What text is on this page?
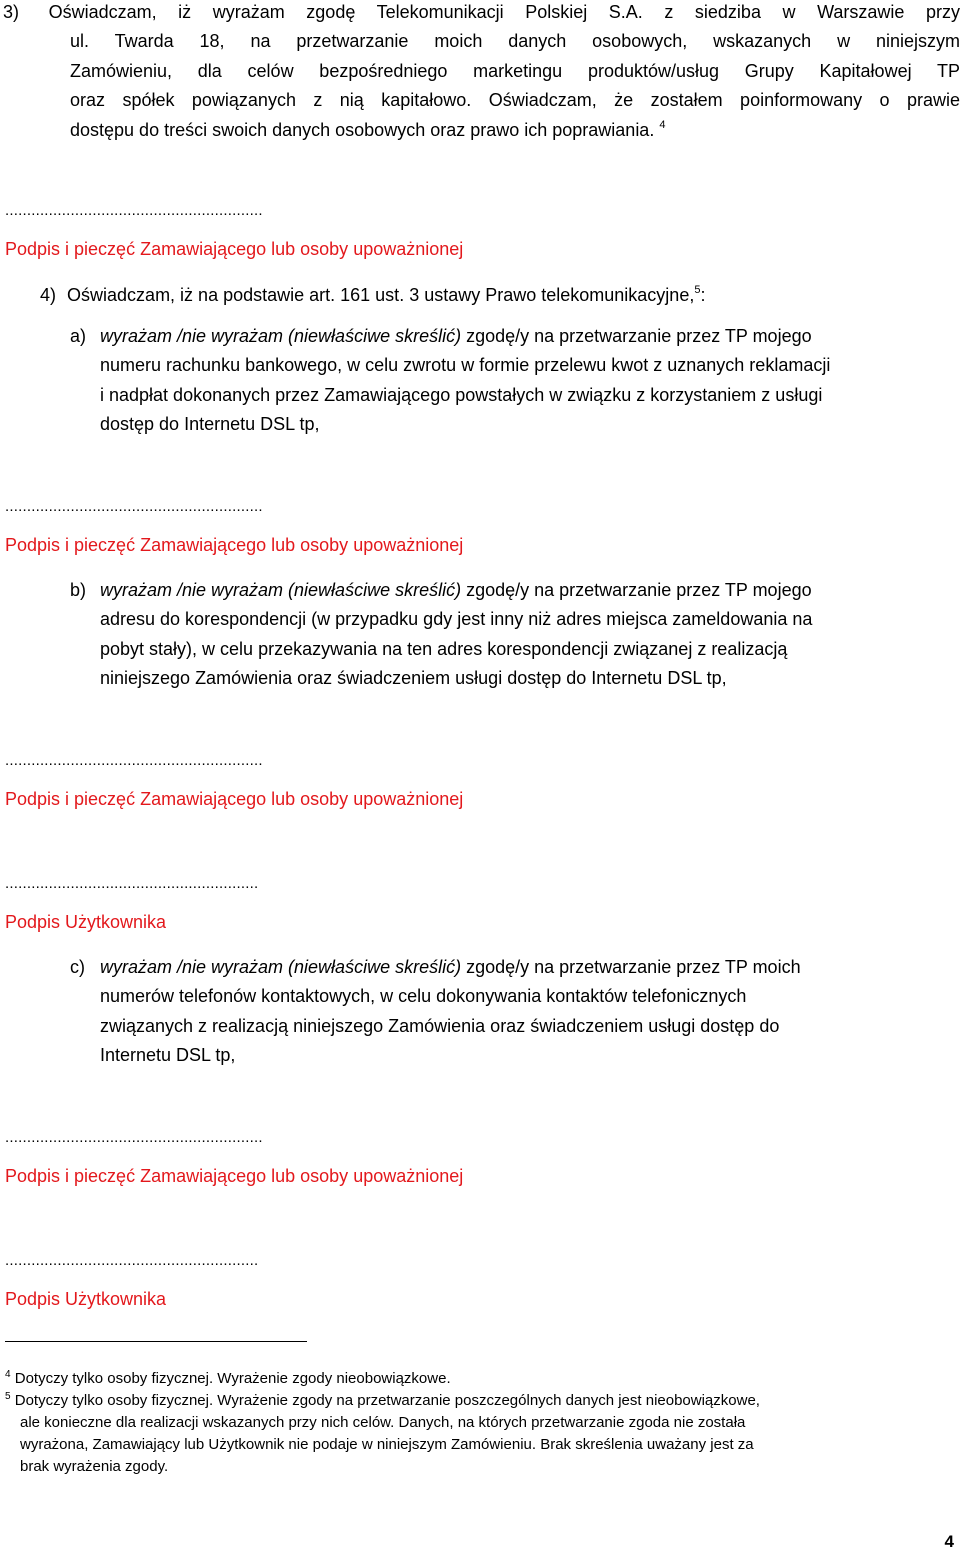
3) Oświadczam, iż wyrażam zgodę Telekomunikacji Polskiej S.A. z siedziba w Warszawie przy
ul. Twarda 18, na przetwarzanie moich danych osobowych, wskazanych w niniejszym
Zamówieniu, dla celów bezpośredniego marketingu produktów/usług Grupy Kapitałowej TP
oraz spółek powiązanych z nią kapitałowo. Oświadczam, że zostałem poinformowany o prawie
dostępu do treści swoich danych osobowych oraz prawo ich poprawiania. $^4$
...........................................................
Podpis i pieczęć Zamawiającego lub osoby upoważnionej
4) Oświadczam, iż na podstawie art. 161 ust. 3 ustawy Prawo telekomunikacyjne,$^5$:
a) wyrażam /nie wyrażam (niewłaściwe skreślić) zgodę/y na przetwarzanie przez TP mojego
numeru rachunku bankowego, w celu zwrotu w formie przelewu kwot z uznanych reklamacji
i nadpłat dokonanych przez Zamawiającego powstałych w związku z korzystaniem z usługi
dostęp do Internetu DSL tp,
...........................................................
Podpis i pieczęć Zamawiającego lub osoby upoważnionej
b) wyrażam /nie wyrażam (niewłaściwe skreślić) zgodę/y na przetwarzanie przez TP mojego
adresu do korespondencji (w przypadku gdy jest inny niż adres miejsca zameldowania na
pobyt stały), w celu przekazywania na ten adres korespondencji związanej z realizacją
niniejszego Zamówienia oraz świadczeniem usługi dostęp do Internetu DSL tp,
...........................................................
Podpis i pieczęć Zamawiającego lub osoby upoważnionej
..........................................................
Podpis Użytkownika
c) wyrażam /nie wyrażam (niewłaściwe skreślić) zgodę/y na przetwarzanie przez TP moich
numerów telefonów kontaktowych, w celu dokonywania kontaktów telefonicznych
związanych z realizacją niniejszego Zamówienia oraz świadczeniem usługi dostęp do
Internetu DSL tp,
...........................................................
Podpis i pieczęć Zamawiającego lub osoby upoważnionej
..........................................................
Podpis Użytkownika
$^4$ Dotyczy tylko osoby fizycznej. Wyrażenie zgody nieobowiązkowe.
$^5$ Dotyczy tylko osoby fizycznej. Wyrażenie zgody na przetwarzanie poszczególnych danych jest nieobowiązkowe,
ale konieczne dla realizacji wskazanych przy nich celów. Danych, na których przetwarzanie zgoda nie została
wyrażona, Zamawiający lub Użytkownik nie podaje w niniejszym Zamówieniu. Brak skreślenia uważany jest za
brak wyrażenia zgody.
4
